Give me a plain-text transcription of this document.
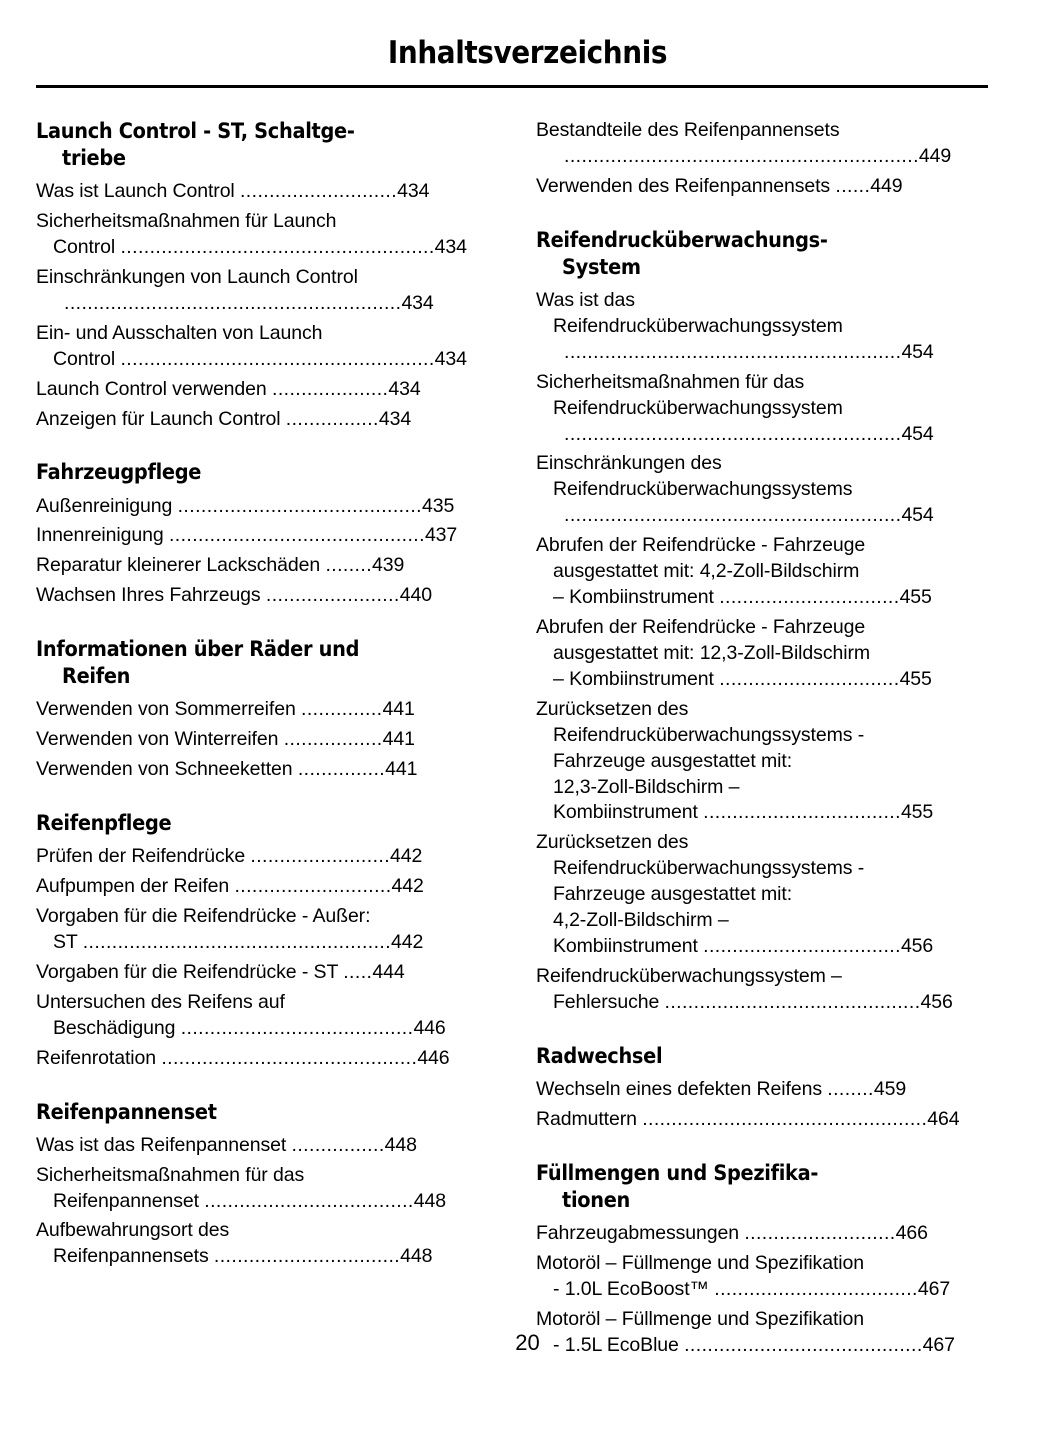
Inhaltsverzeichnis
Launch Control - ST, Schaltge-
triebe
Was ist Launch Control ...........................434
Sicherheitsmaßnahmen für Launch
Control ......................................................434
Einschränkungen von Launch Control
..........................................................434
Ein- und Ausschalten von Launch
Control ......................................................434
Launch Control verwenden ....................434
Anzeigen für Launch Control ................434
Fahrzeugpflege
Außenreinigung ..........................................435
Innenreinigung ............................................437
Reparatur kleinerer Lackschäden ........439
Wachsen Ihres Fahrzeugs .......................440
Informationen über Räder und
Reifen
Verwenden von Sommerreifen ..............441
Verwenden von Winterreifen .................441
Verwenden von Schneeketten ...............441
Reifenpflege
Prüfen der Reifendrücke ........................442
Aufpumpen der Reifen ...........................442
Vorgaben für die Reifendrücke - Außer:
ST .....................................................442
Vorgaben für die Reifendrücke - ST .....444
Untersuchen des Reifens auf
Beschädigung ........................................446
Reifenrotation ............................................446
Reifenpannenset
Was ist das Reifenpannenset ................448
Sicherheitsmaßnahmen für das
Reifenpannenset ....................................448
Aufbewahrungsort des
Reifenpannensets ................................448
Bestandteile des Reifenpannensets
.............................................................449
Verwenden des Reifenpannensets ......449
Reifendrucküberwachungs-
System
Was ist das
Reifendrucküberwachungssystem
..........................................................454
Sicherheitsmaßnahmen für das
Reifendrucküberwachungssystem
..........................................................454
Einschränkungen des
Reifendrucküberwachungssystems
..........................................................454
Abrufen der Reifendrücke - Fahrzeuge
ausgestattet mit: 4,2-Zoll-Bildschirm
– Kombiinstrument ...............................455
Abrufen der Reifendrücke - Fahrzeuge
ausgestattet mit: 12,3-Zoll-Bildschirm
– Kombiinstrument ...............................455
Zurücksetzen des
Reifendrucküberwachungssystems -
Fahrzeuge ausgestattet mit:
12,3-Zoll-Bildschirm –
Kombiinstrument ..................................455
Zurücksetzen des
Reifendrucküberwachungssystems -
Fahrzeuge ausgestattet mit:
4,2-Zoll-Bildschirm –
Kombiinstrument ..................................456
Reifendrucküberwachungssystem –
Fehlersuche ............................................456
Radwechsel
Wechseln eines defekten Reifens ........459
Radmuttern .................................................464
Füllmengen und Spezifika-
tionen
Fahrzeugabmessungen ..........................466
Motoröl – Füllmenge und Spezifikation
- 1.0L EcoBoost™ ...................................467
Motoröl – Füllmenge und Spezifikation
- 1.5L EcoBlue .........................................467
20
